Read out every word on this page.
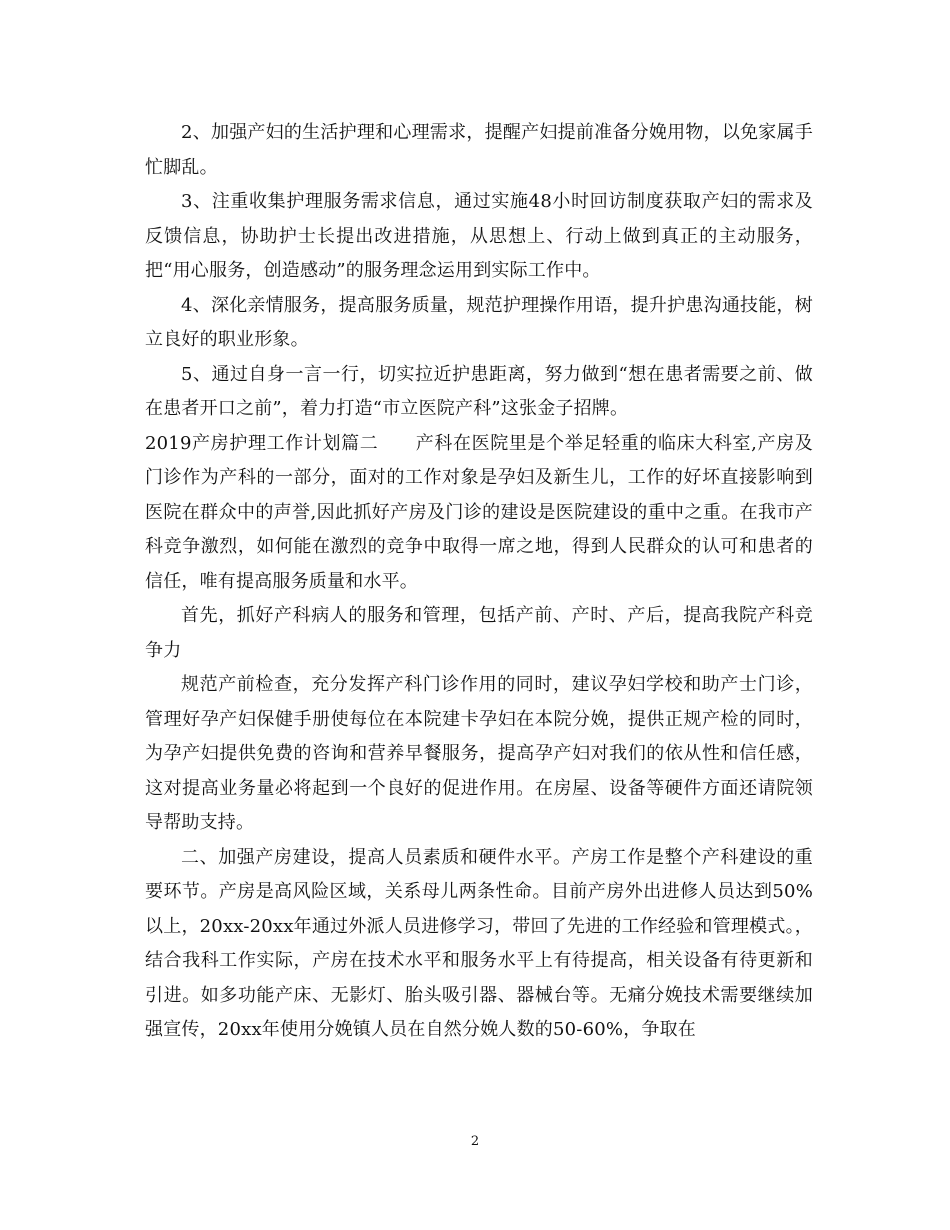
2、加强产妇的生活护理和心理需求，提醒产妇提前准备分娩用物，以免家属手忙脚乱。

3、注重收集护理服务需求信息，通过实施48小时回访制度获取产妇的需求及反馈信息，协助护士长提出改进措施，从思想上、行动上做到真正的主动服务，把“用心服务，创造感动”的服务理念运用到实际工作中。

4、深化亲情服务，提高服务质量，规范护理操作用语，提升护患沟通技能，树立良好的职业形象。

5、通过自身一言一行，切实拉近护患距离，努力做到“想在患者需要之前、做在患者开口之前”，着力打造“市立医院产科”这张金子招牌。

2019产房护理工作计划篇二　　产科在医院里是个举足轻重的临床大科室,产房及门诊作为产科的一部分，面对的工作对象是孕妇及新生儿，工作的好坏直接影响到医院在群众中的声誉,因此抓好产房及门诊的建设是医院建设的重中之重。在我市产科竞争激烈，如何能在激烈的竞争中取得一席之地，得到人民群众的认可和患者的信任，唯有提高服务质量和水平。

首先，抓好产科病人的服务和管理，包括产前、产时、产后，提高我院产科竞争力

规范产前检查，充分发挥产科门诊作用的同时，建议孕妇学校和助产士门诊，管理好孕产妇保健手册使每位在本院建卡孕妇在本院分娩，提供正规产检的同时，为孕产妇提供免费的咨询和营养早餐服务，提高孕产妇对我们的依从性和信任感，这对提高业务量必将起到一个良好的促进作用。在房屋、设备等硬件方面还请院领导帮助支持。

二、加强产房建设，提高人员素质和硬件水平。产房工作是整个产科建设的重要环节。产房是高风险区域，关系母儿两条性命。目前产房外出进修人员达到50%以上，20xx-20xx年通过外派人员进修学习，带回了先进的工作经验和管理模式。，结合我科工作实际，产房在技术水平和服务水平上有待提高，相关设备有待更新和引进。如多功能产床、无影灯、胎头吸引器、器械台等。无痛分娩技术需要继续加强宣传，20xx年使用分娩镇人员在自然分娩人数的50-60%，争取在

2
